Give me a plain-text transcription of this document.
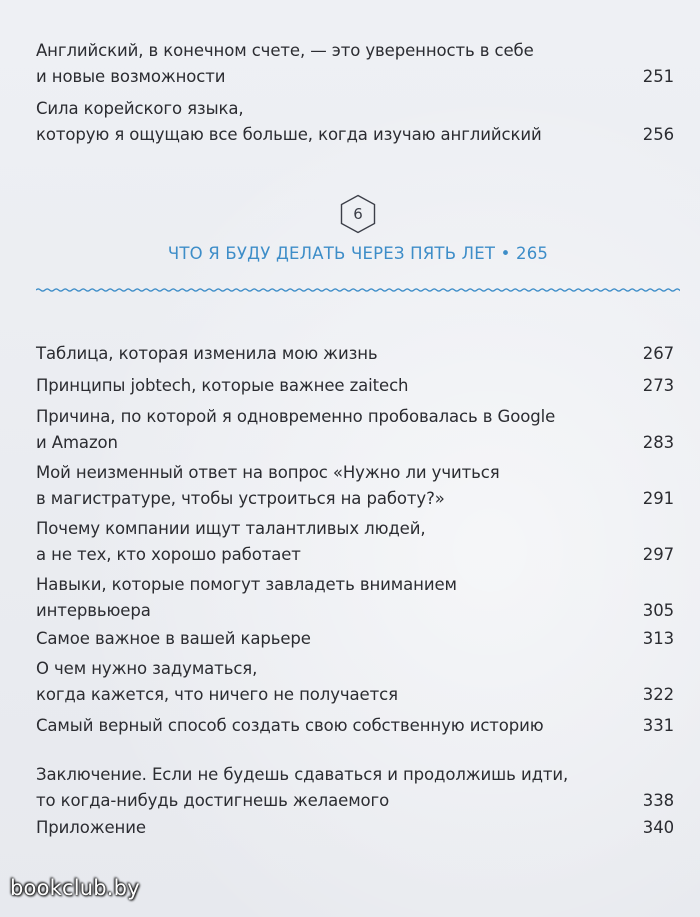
Английский, в конечном счете, — это уверенность в себе
и новые возможности	251
Сила корейского языка,
которую я ощущаю все больше, когда изучаю английский	256
6
ЧТО Я БУДУ ДЕЛАТЬ ЧЕРЕЗ ПЯТЬ ЛЕТ • 265
Таблица, которая изменила мою жизнь	267
Принципы jobtech, которые важнее zaitech	273
Причина, по которой я одновременно пробовалась в Google
и Amazon	283
Мой неизменный ответ на вопрос «Нужно ли учиться
в магистратуре, чтобы устроиться на работу?»	291
Почему компании ищут талантливых людей,
а не тех, кто хорошо работает	297
Навыки, которые помогут завладеть вниманием
интервьюера	305
Самое важное в вашей карьере	313
О чем нужно задуматься,
когда кажется, что ничего не получается	322
Самый верный способ создать свою собственную историю	331
Заключение. Если не будешь сдаваться и продолжишь идти,
то когда-нибудь достигнешь желаемого	338
Приложение	340
bookclub.by
